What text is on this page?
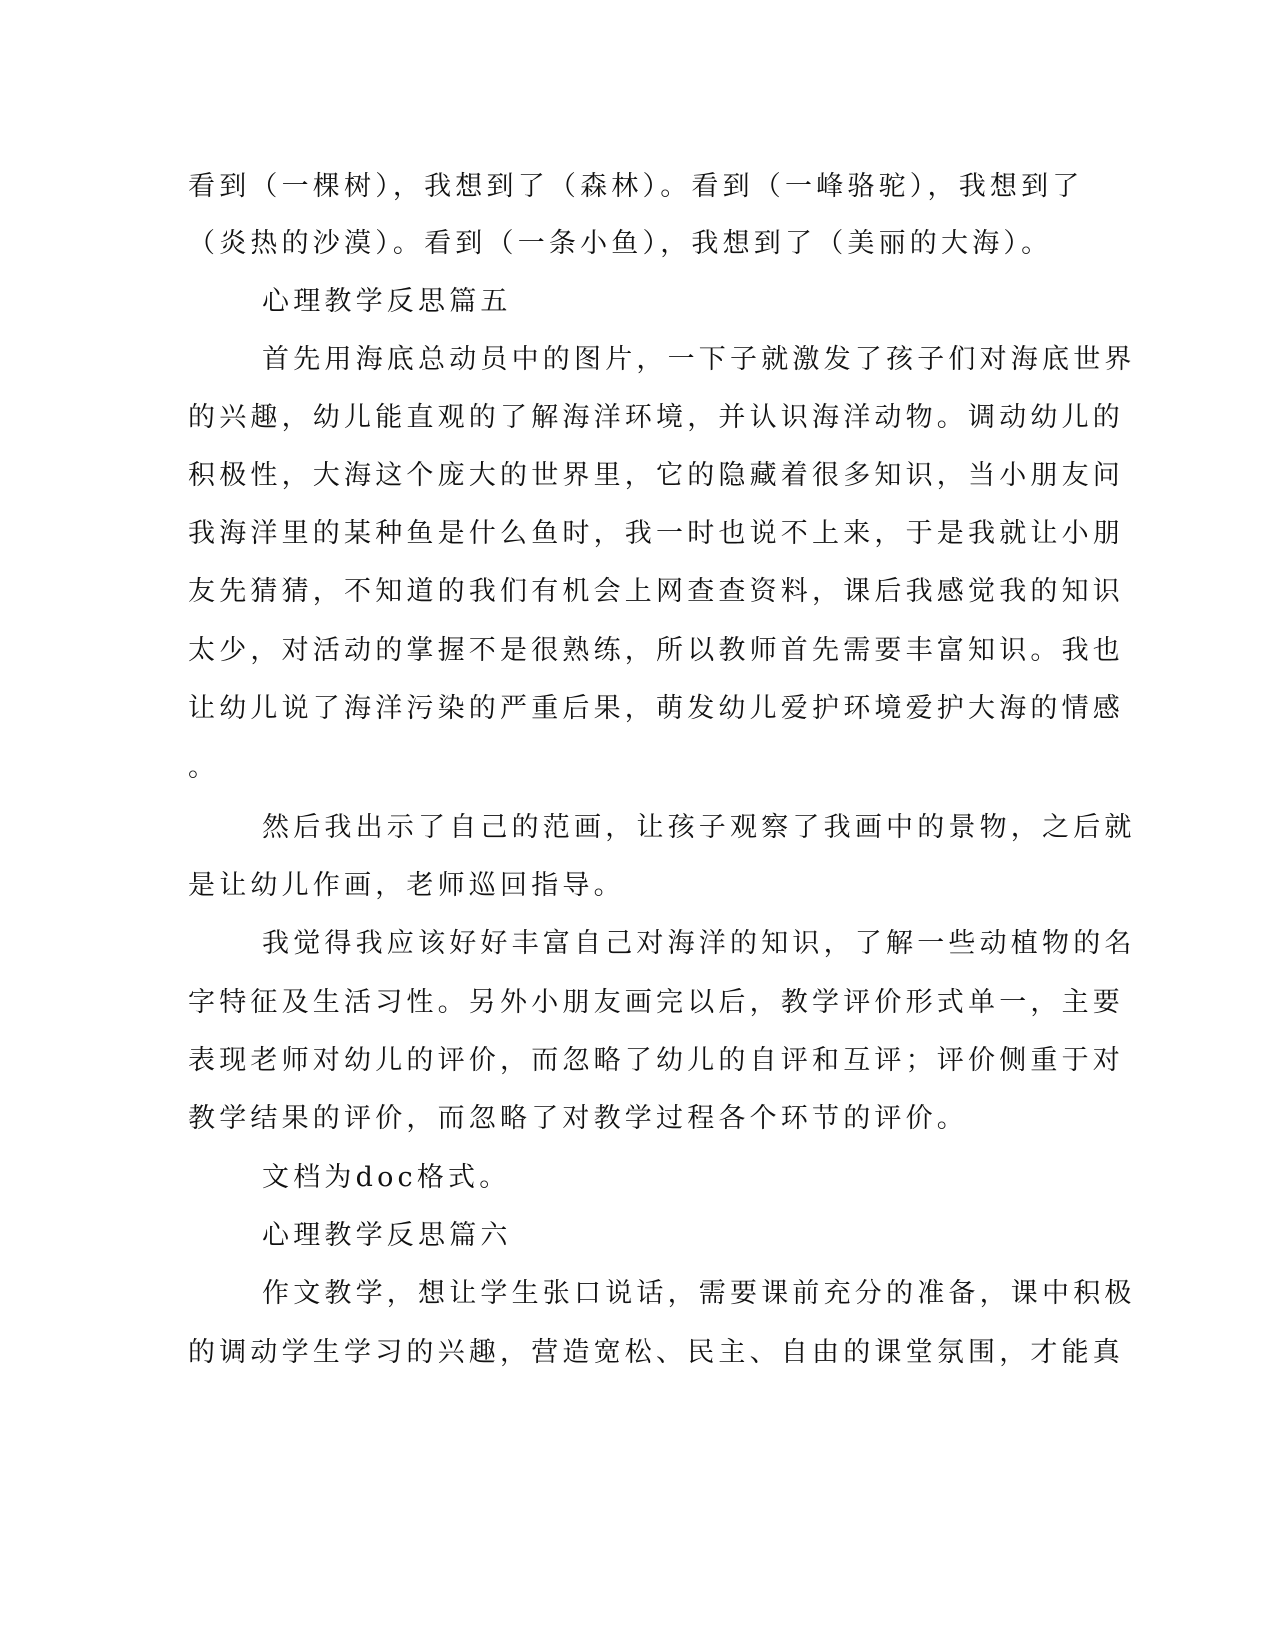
看到（一棵树），我想到了（森林）。看到（一峰骆驼），我想到了
（炎热的沙漠）。看到（一条小鱼），我想到了（美丽的大海）。
心理教学反思篇五
首先用海底总动员中的图片，一下子就激发了孩子们对海底世界
的兴趣，幼儿能直观的了解海洋环境，并认识海洋动物。调动幼儿的
积极性，大海这个庞大的世界里，它的隐藏着很多知识，当小朋友问
我海洋里的某种鱼是什么鱼时，我一时也说不上来，于是我就让小朋
友先猜猜，不知道的我们有机会上网查查资料，课后我感觉我的知识
太少，对活动的掌握不是很熟练，所以教师首先需要丰富知识。我也
让幼儿说了海洋污染的严重后果，萌发幼儿爱护环境爱护大海的情感
。
然后我出示了自己的范画，让孩子观察了我画中的景物，之后就
是让幼儿作画，老师巡回指导。
我觉得我应该好好丰富自己对海洋的知识，了解一些动植物的名
字特征及生活习性。另外小朋友画完以后，教学评价形式单一，主要
表现老师对幼儿的评价，而忽略了幼儿的自评和互评；评价侧重于对
教学结果的评价，而忽略了对教学过程各个环节的评价。
文档为doc格式。
心理教学反思篇六
作文教学，想让学生张口说话，需要课前充分的准备，课中积极
的调动学生学习的兴趣，营造宽松、民主、自由的课堂氛围，才能真
